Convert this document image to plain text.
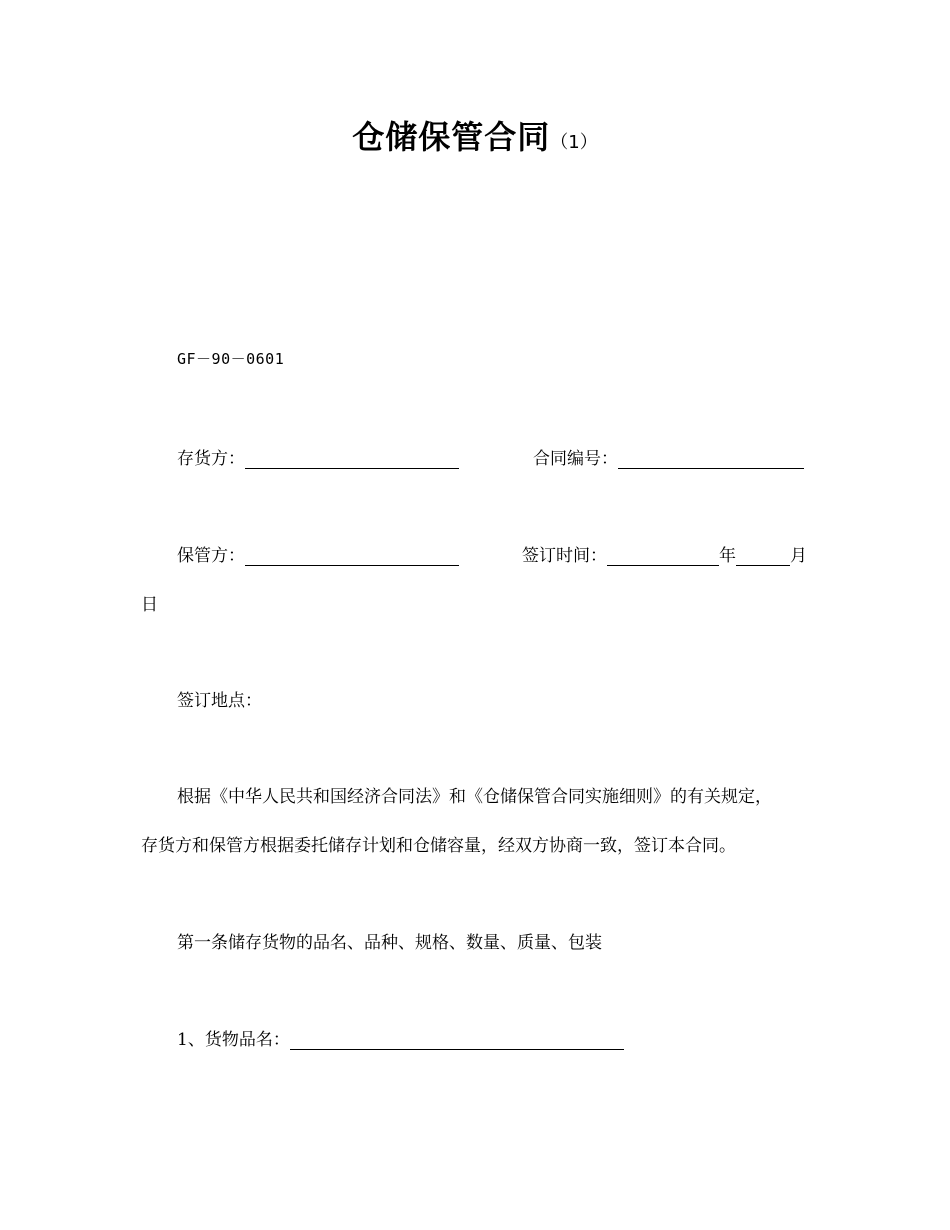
仓储保管合同（1）
GF－90－0601
存货方：	合同编号：
保管方：	签订时间：	年	月
日
签订地点：
根据《中华人民共和国经济合同法》和《仓储保管合同实施细则》的有关规定，
存货方和保管方根据委托储存计划和仓储容量，经双方协商一致，签订本合同。
第一条储存货物的品名、品种、规格、数量、质量、包装
1、货物品名：
